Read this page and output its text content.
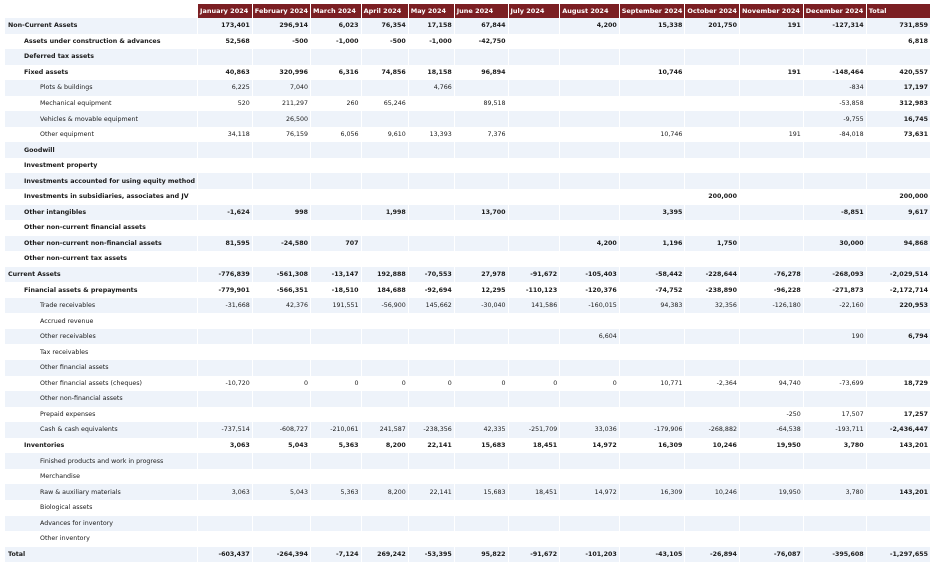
	January 2024	February 2024	March 2024	April 2024	May 2024	June 2024	July 2024	August 2024	September 2024	October 2024	November 2024	December 2024	Total
Non-Current Assets	173,401	296,914	6,023	76,354	17,158	67,844		4,200	15,338	201,750	191	-127,314	731,859
Assets under construction & advances	52,568	-500	-1,000	-500	-1,000	-42,750							6,818
Deferred tax assets													
Fixed assets	40,863	320,996	6,316	74,856	18,158	96,894			10,746		191	-148,464	420,557
Plots & buildings	6,225	7,040			4,766							-834	17,197
Mechanical equipment	520	211,297	260	65,246		89,518						-53,858	312,983
Vehicles & movable equipment		26,500										-9,755	16,745
Other equipment	34,118	76,159	6,056	9,610	13,393	7,376			10,746		191	-84,018	73,631
Goodwill													
Investment property													
Investments accounted for using equity method													
Investments in subsidiaries, associates and JV										200,000			200,000
Other intangibles	-1,624	998		1,998		13,700			3,395			-8,851	9,617
Other non-current financial assets													
Other non-current non-financial assets	81,595	-24,580	707					4,200	1,196	1,750		30,000	94,868
Other non-current tax assets													
Current Assets	-776,839	-561,308	-13,147	192,888	-70,553	27,978	-91,672	-105,403	-58,442	-228,644	-76,278	-268,093	-2,029,514
Financial assets & prepayments	-779,901	-566,351	-18,510	184,688	-92,694	12,295	-110,123	-120,376	-74,752	-238,890	-96,228	-271,873	-2,172,714
Trade receivables	-31,668	42,376	191,551	-56,900	145,662	-30,040	141,586	-160,015	94,383	32,356	-126,180	-22,160	220,953
Accrued revenue													
Other receivables								6,604				190	6,794
Tax receivables													
Other financial assets													
Other financial assets (cheques)	-10,720	0	0	0	0	0	0	0	10,771	-2,364	94,740	-73,699	18,729
Other non-financial assets													
Prepaid expenses											-250	17,507	17,257
Cash & cash equivalents	-737,514	-608,727	-210,061	241,587	-238,356	42,335	-251,709	33,036	-179,906	-268,882	-64,538	-193,711	-2,436,447
Inventories	3,063	5,043	5,363	8,200	22,141	15,683	18,451	14,972	16,309	10,246	19,950	3,780	143,201
Finished products and work in progress													
Merchandise													
Raw & auxiliary materials	3,063	5,043	5,363	8,200	22,141	15,683	18,451	14,972	16,309	10,246	19,950	3,780	143,201
Biological assets													
Advances for inventory													
Other inventory													
Total	-603,437	-264,394	-7,124	269,242	-53,395	95,822	-91,672	-101,203	-43,105	-26,894	-76,087	-395,608	-1,297,655
